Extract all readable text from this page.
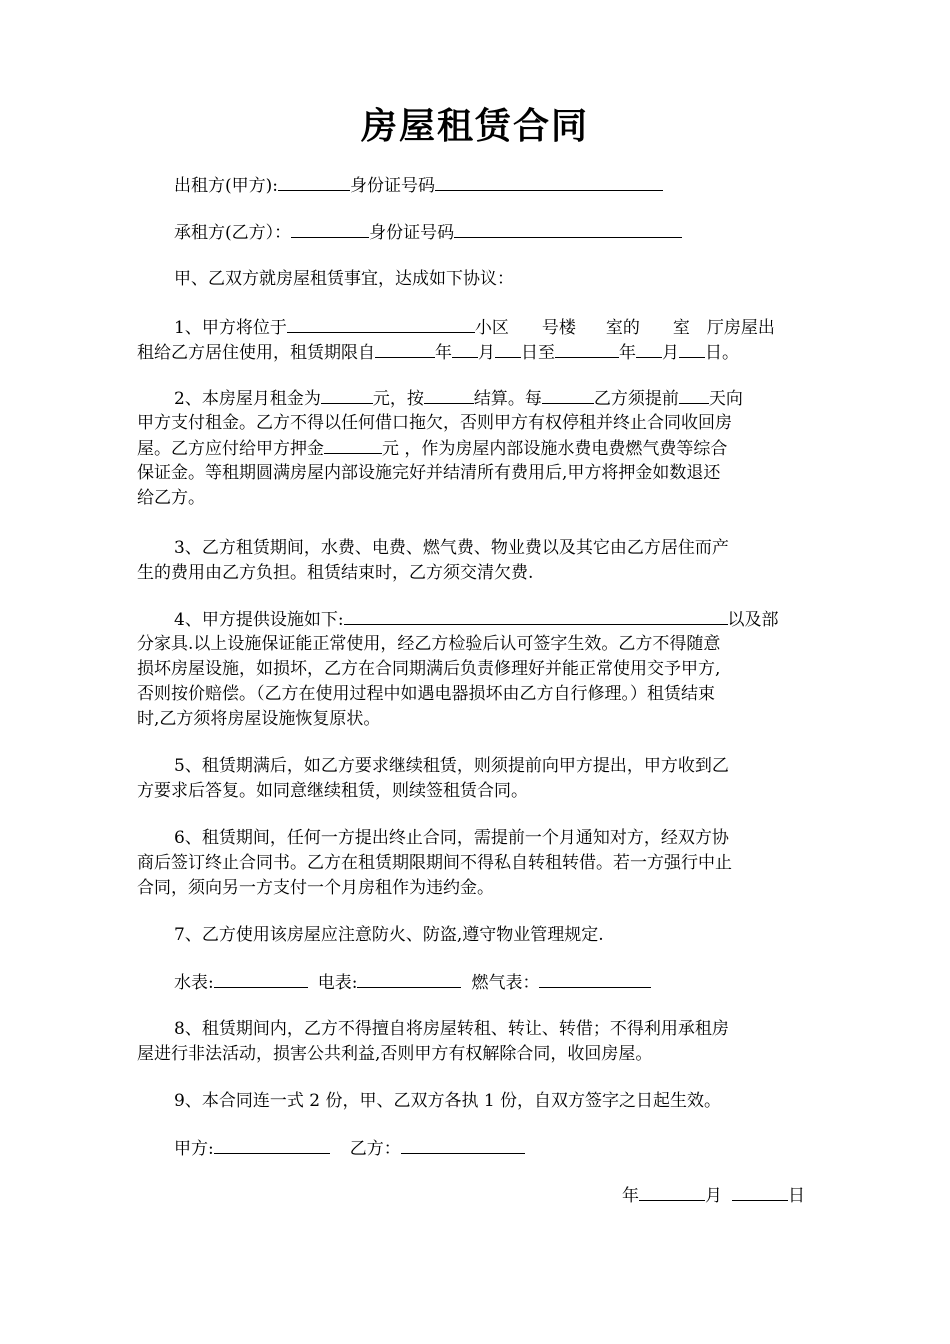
房屋租赁合同
出租方(甲方):	身份证号码
承租方(乙方）：	身份证号码
甲、乙双方就房屋租赁事宜，达成如下协议：
1、甲方将位于	小区 号楼 室的 室 厅房屋出
租给乙方居住使用，租赁期限自	年 月 日至	年 月 日。
2、本房屋月租金为	元，按	结算。每	乙方须提前 天向
甲方支付租金。乙方不得以任何借口拖欠，否则甲方有权停租并终止合同收回房
屋。乙方应付给甲方押金	元 ，作为房屋内部设施水费电费燃气费等综合
保证金。等租期圆满房屋内部设施完好并结清所有费用后,甲方将押金如数退还
给乙方。
3、乙方租赁期间，水费、电费、燃气费、物业费以及其它由乙方居住而产
生的费用由乙方负担。租赁结束时，乙方须交清欠费.
4、甲方提供设施如下:	以及部
分家具.以上设施保证能正常使用，经乙方检验后认可签字生效。乙方不得随意
损坏房屋设施，如损坏，乙方在合同期满后负责修理好并能正常使用交予甲方,
否则按价赔偿。（乙方在使用过程中如遇电器损坏由乙方自行修理。）租赁结束
时,乙方须将房屋设施恢复原状。
5、租赁期满后，如乙方要求继续租赁，则须提前向甲方提出，甲方收到乙
方要求后答复。如同意继续租赁，则续签租赁合同。
6、租赁期间，任何一方提出终止合同，需提前一个月通知对方，经双方协
商后签订终止合同书。乙方在租赁期限期间不得私自转租转借。若一方强行中止
合同，须向另一方支付一个月房租作为违约金。
7、乙方使用该房屋应注意防火、防盗,遵守物业管理规定.
水表:	电表:	燃气表：
8、租赁期间内，乙方不得擅自将房屋转租、转让、转借；不得利用承租房
屋进行非法活动，损害公共利益,否则甲方有权解除合同，收回房屋。
9、本合同连一式 2 份，甲、乙双方各执 1 份，自双方签字之日起生效。
甲方:	乙方：
年	月	日
